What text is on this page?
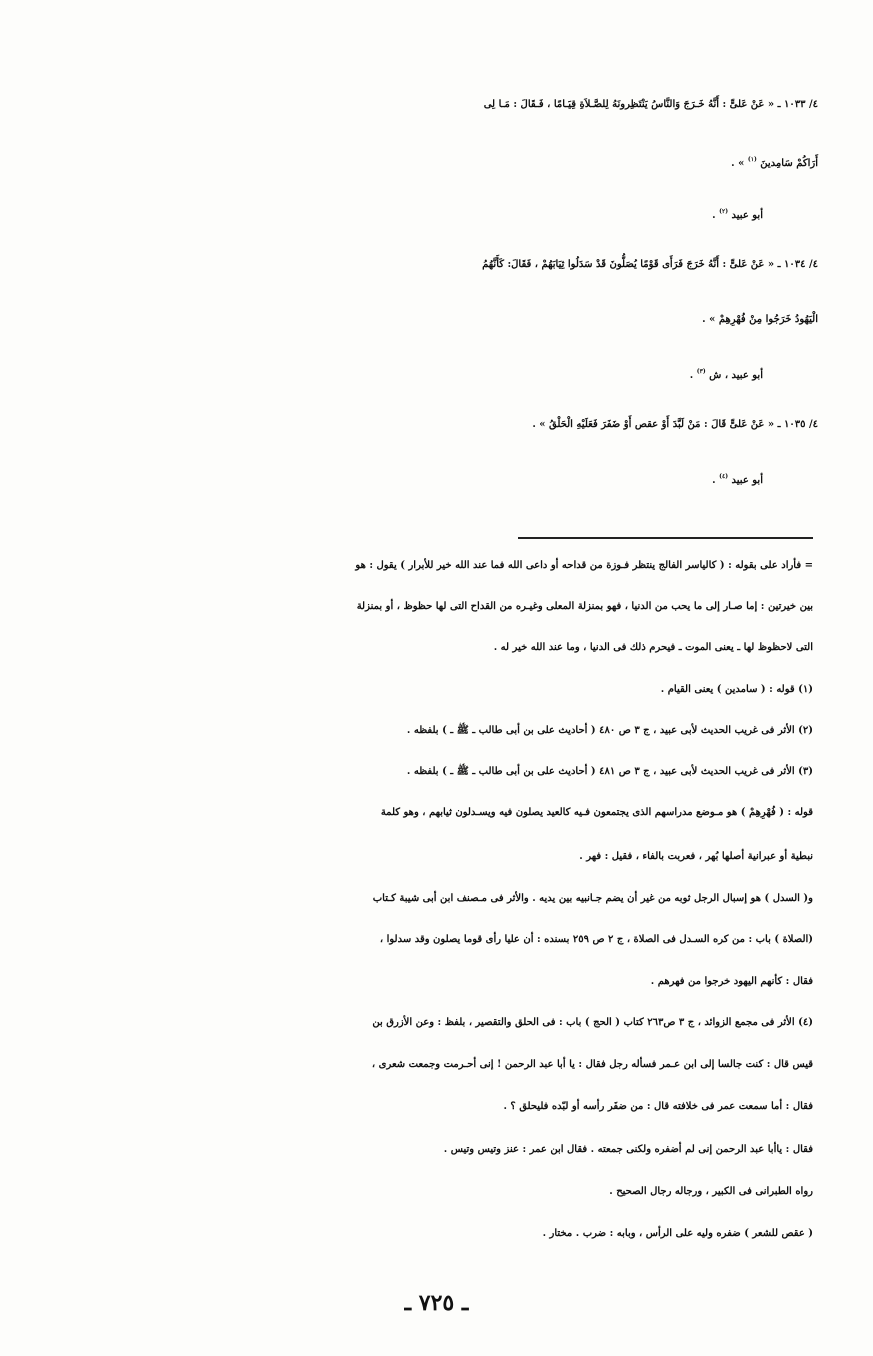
٤/ ١٠٣٣ ـ « عَنْ عَلىٍّ : أَنَّهُ خَـرَجَ وَالنَّاسُ يَنْتَظِرونَهُ لِلصَّـلاَةِ قِيَـامًا ، فَـقَالَ : مَـا لِى
أَرَاكُمْ سَامِدينَ $^{(١)}$ » .
أبو عبيد $^{(٢)}$ .
٤/ ١٠٣٤ ـ « عَنْ عَلىٍّ : أَنَّهُ خَرَجَ فَرَأَى قَوْمًا يُصَلُّونَ قَدْ سَدَلُوا ثِيَابَهُمْ ، فَقَالَ: كَأَنَّهُمُ
الْيَهُودُ خَرَجُوا مِنْ فُهْرِهِمْ » .
أبو عبيد ، ش $^{(٣)}$ .
٤/ ١٠٣٥ ـ « عَنْ عَلىٍّ قَالَ : مَنْ لَبَّدَ أَوْ عقص أَوْ ضَفَرَ فَعَلَيْهِ الْحَلْقُ » .
أبو عبيد $^{(٤)}$ .
= فأراد على بقوله : ( كالياسر الفالج ينتظر فـوزة من قداحه أو داعى الله فما عند الله خير للأبرار ) يقول : هو
بين خيرتين : إما صـار إلى ما يحب من الدنيا ، فهو بمنزلة المعلى وغيـره من القداح التى لها حظوظ ، أو بمنزلة
التى لاحظوظ لها ـ يعنى الموت ـ فيحرم ذلك فى الدنيا ، وما عند الله خير له .
(١) قوله : ( سامدين ) يعنى القيام .
(٢) الأثر فى غريب الحديث لأبى عبيد ، ج ٣ ص ٤٨٠ ( أحاديث على بن أبى طالب ـ ﷺ ـ ) بلفظه .
(٣) الأثر فى غريب الحديث لأبى عبيد ، ج ٣ ص ٤٨١ ( أحاديث على بن أبى طالب ـ ﷺ ـ ) بلفظه .
قوله : ( فُهْرِهِمْ ) هو مـوضع مدراسهم الذى يجتمعون فـيه كالعيد يصلون فيه ويسـدلون ثيابهم ، وهو كلمة
نبطية أو عبرانية أصلها بُهر ، فعربت بالفاء ، فقيل : فهر .
و( السدل ) هو إسبال الرجل ثوبه من غير أن يضم جـانبيه بين يديه . والأثر فى مـصنف ابن أبى شيبة كـتاب
(الصلاة ) باب : من كره السـدل فى الصلاة ، ج ٢ ص ٢٥٩ بسنده : أن عليا رأى قوما يصلون وقد سدلوا ،
فقال : كأنهم اليهود خرجوا من فهرهم .
(٤) الأثر فى مجمع الزوائد ، ج ٣ ص٢٦٣ كتاب ( الحج ) باب : فى الحلق والتقصير ، بلفظ : وعن الأزرق بن
قيس قال : كنت جالسا إلى ابن عـمر فسأله رجل فقال : يا أبا عبد الرحمن ! إنى أحـرمت وجمعت شعرى ،
فقال : أما سمعت عمر فى خلافته قال : من ضفَر رأسه أو لبّده فليحلق ؟ .
فقال : ياأبا عبد الرحمن إنى لم أضفره ولكنى جمعته . فقال ابن عمر : عنز وتيس وتيس .
رواه الطبرانى فى الكبير ، ورجاله رجال الصحيح .
( عقص للشعر ) ضفره وليه على الرأس ، وبابه : ضرب . مختار .
ـ ٧٢٥ ـ
